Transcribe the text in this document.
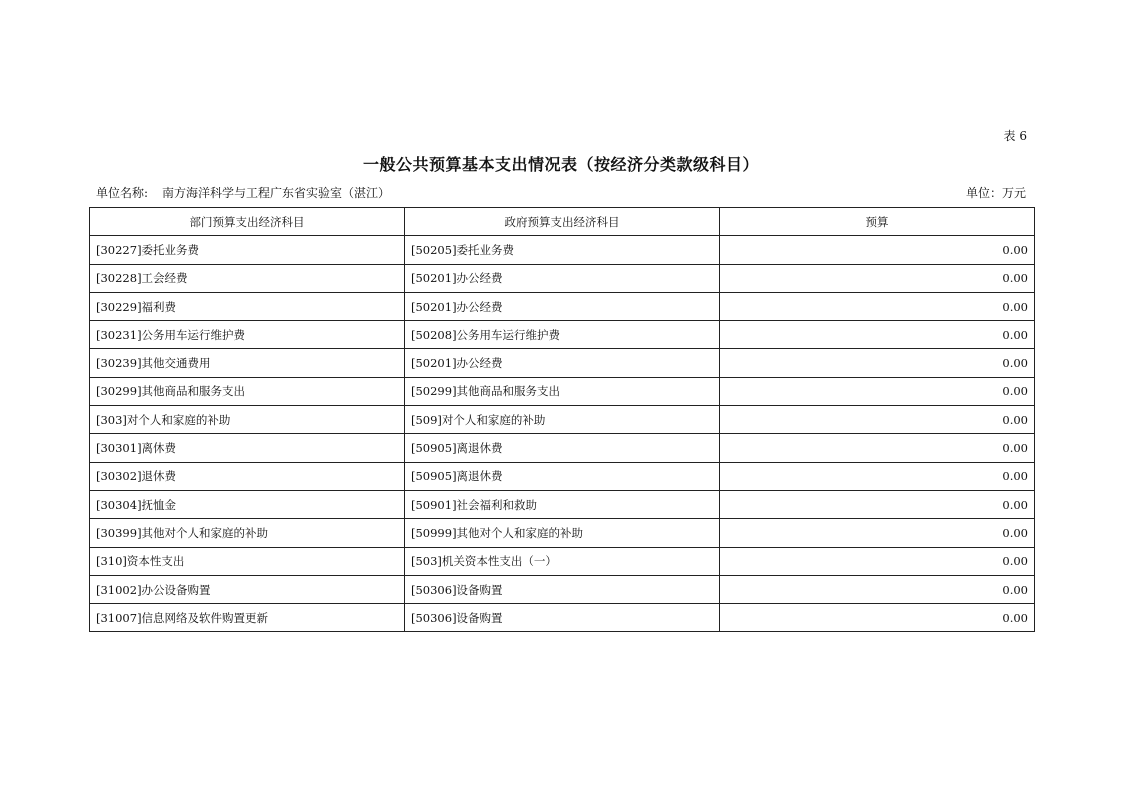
表 6
一般公共预算基本支出情况表（按经济分类款级科目）
单位名称: 南方海洋科学与工程广东省实验室（湛江）	单位：万元
部门预算支出经济科目	政府预算支出经济科目	预算
[30227]委托业务费	[50205]委托业务费	0.00
[30228]工会经费	[50201]办公经费	0.00
[30229]福利费	[50201]办公经费	0.00
[30231]公务用车运行维护费	[50208]公务用车运行维护费	0.00
[30239]其他交通费用	[50201]办公经费	0.00
[30299]其他商品和服务支出	[50299]其他商品和服务支出	0.00
[303]对个人和家庭的补助	[509]对个人和家庭的补助	0.00
[30301]离休费	[50905]离退休费	0.00
[30302]退休费	[50905]离退休费	0.00
[30304]抚恤金	[50901]社会福利和救助	0.00
[30399]其他对个人和家庭的补助	[50999]其他对个人和家庭的补助	0.00
[310]资本性支出	[503]机关资本性支出（一）	0.00
[31002]办公设备购置	[50306]设备购置	0.00
[31007]信息网络及软件购置更新	[50306]设备购置	0.00
